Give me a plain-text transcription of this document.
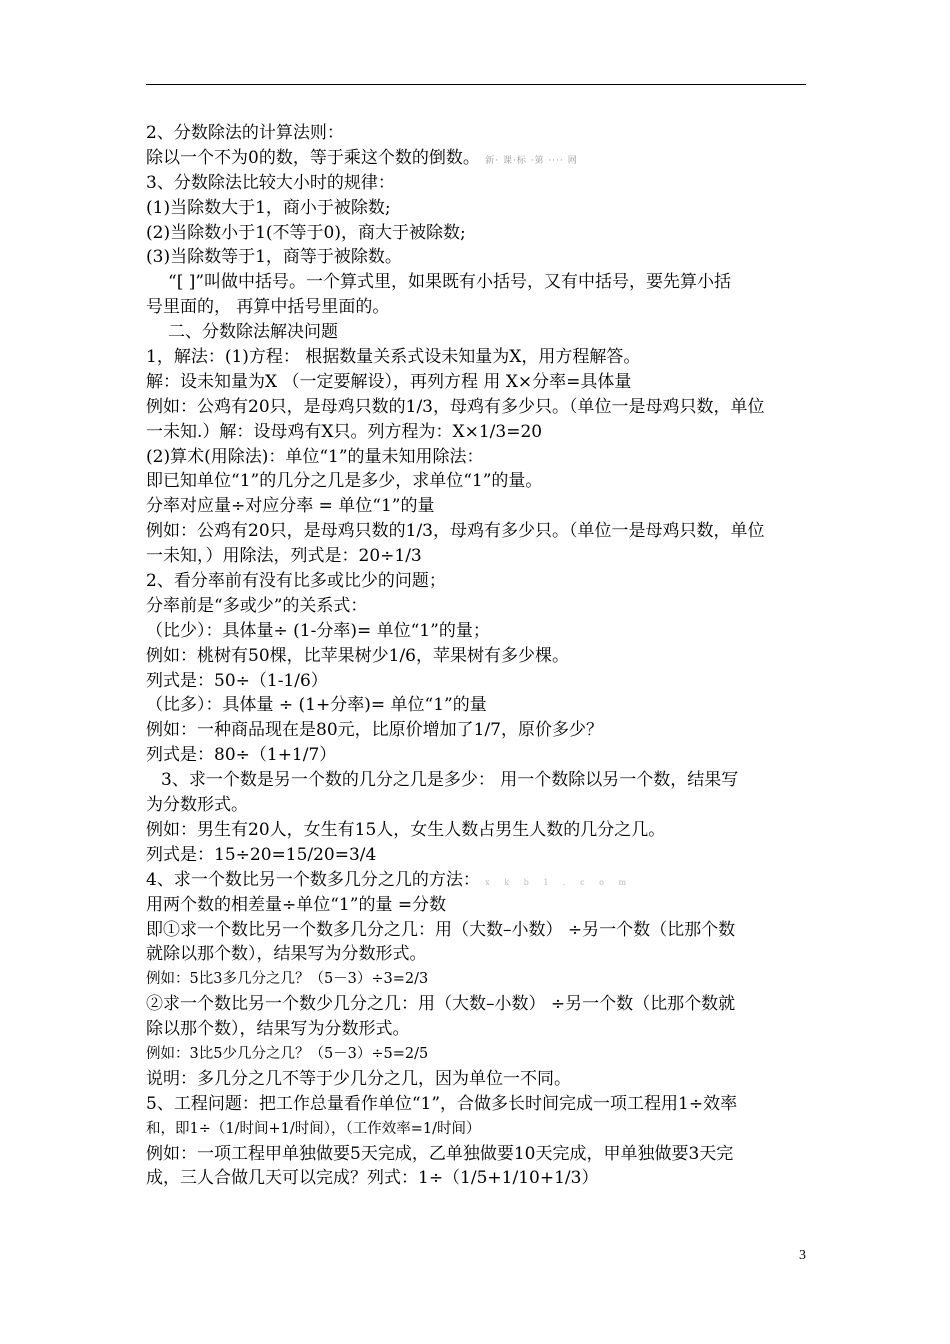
2、分数除法的计算法则：
除以一个不为0的数，等于乘这个数的倒数。 新· 课·标 ·第 ···· 网
3、分数除法比较大小时的规律：
(1)当除数大于1，商小于被除数;
(2)当除数小于1(不等于0)，商大于被除数;
(3)当除数等于1，商等于被除数。
“[ ]”叫做中括号。一个算式里，如果既有小括号，又有中括号，要先算小括
号里面的， 再算中括号里面的。
二、分数除法解决问题
1，解法：(1)方程： 根据数量关系式设未知量为X，用方程解答。
解：设未知量为X （一定要解设），再列方程 用 X×分率=具体量
例如：公鸡有20只，是母鸡只数的1/3，母鸡有多少只。（单位一是母鸡只数，单位
一未知.）解：设母鸡有X只。列方程为：X×1/3=20
(2)算术(用除法)：单位“1”的量未知用除法：
即已知单位“1”的几分之几是多少，求单位“1”的量。
分率对应量÷对应分率 = 单位“1”的量
例如：公鸡有20只，是母鸡只数的1/3，母鸡有多少只。（单位一是母鸡只数，单位
一未知，）用除法，列式是：20÷1/3
2、看分率前有没有比多或比少的问题；
分率前是“多或少”的关系式：
（比少）：具体量÷ (1-分率)= 单位“1”的量；
例如：桃树有50棵，比苹果树少1/6，苹果树有多少棵。
列式是：50÷（1-1/6）
（比多）：具体量 ÷ (1+分率)= 单位“1”的量
例如：一种商品现在是80元，比原价增加了1/7，原价多少？
列式是：80÷（1+1/7）
3、求一个数是另一个数的几分之几是多少： 用一个数除以另一个数，结果写
为分数形式。
例如：男生有20人，女生有15人，女生人数占男生人数的几分之几。
列式是：15÷20=15/20=3/4
4、求一个数比另一个数多几分之几的方法： x k b 1 . c o m
用两个数的相差量÷单位“1”的量 =分数
即①求一个数比另一个数多几分之几：用（大数–小数） ÷另一个数（比那个数
就除以那个数），结果写为分数形式。
例如：5比3多几分之几？（5－3）÷3=2/3
②求一个数比另一个数少几分之几：用（大数–小数） ÷另一个数（比那个数就
除以那个数），结果写为分数形式。
例如：3比5少几分之几？（5－3）÷5=2/5
说明：多几分之几不等于少几分之几，因为单位一不同。
5、工程问题：把工作总量看作单位“1”，合做多长时间完成一项工程用1÷效率
和，即1÷（1/时间+1/时间），（工作效率=1/时间）
例如：一项工程甲单独做要5天完成，乙单独做要10天完成，甲单独做要3天完
成，三人合做几天可以完成？列式：1÷（1/5+1/10+1/3）
3
